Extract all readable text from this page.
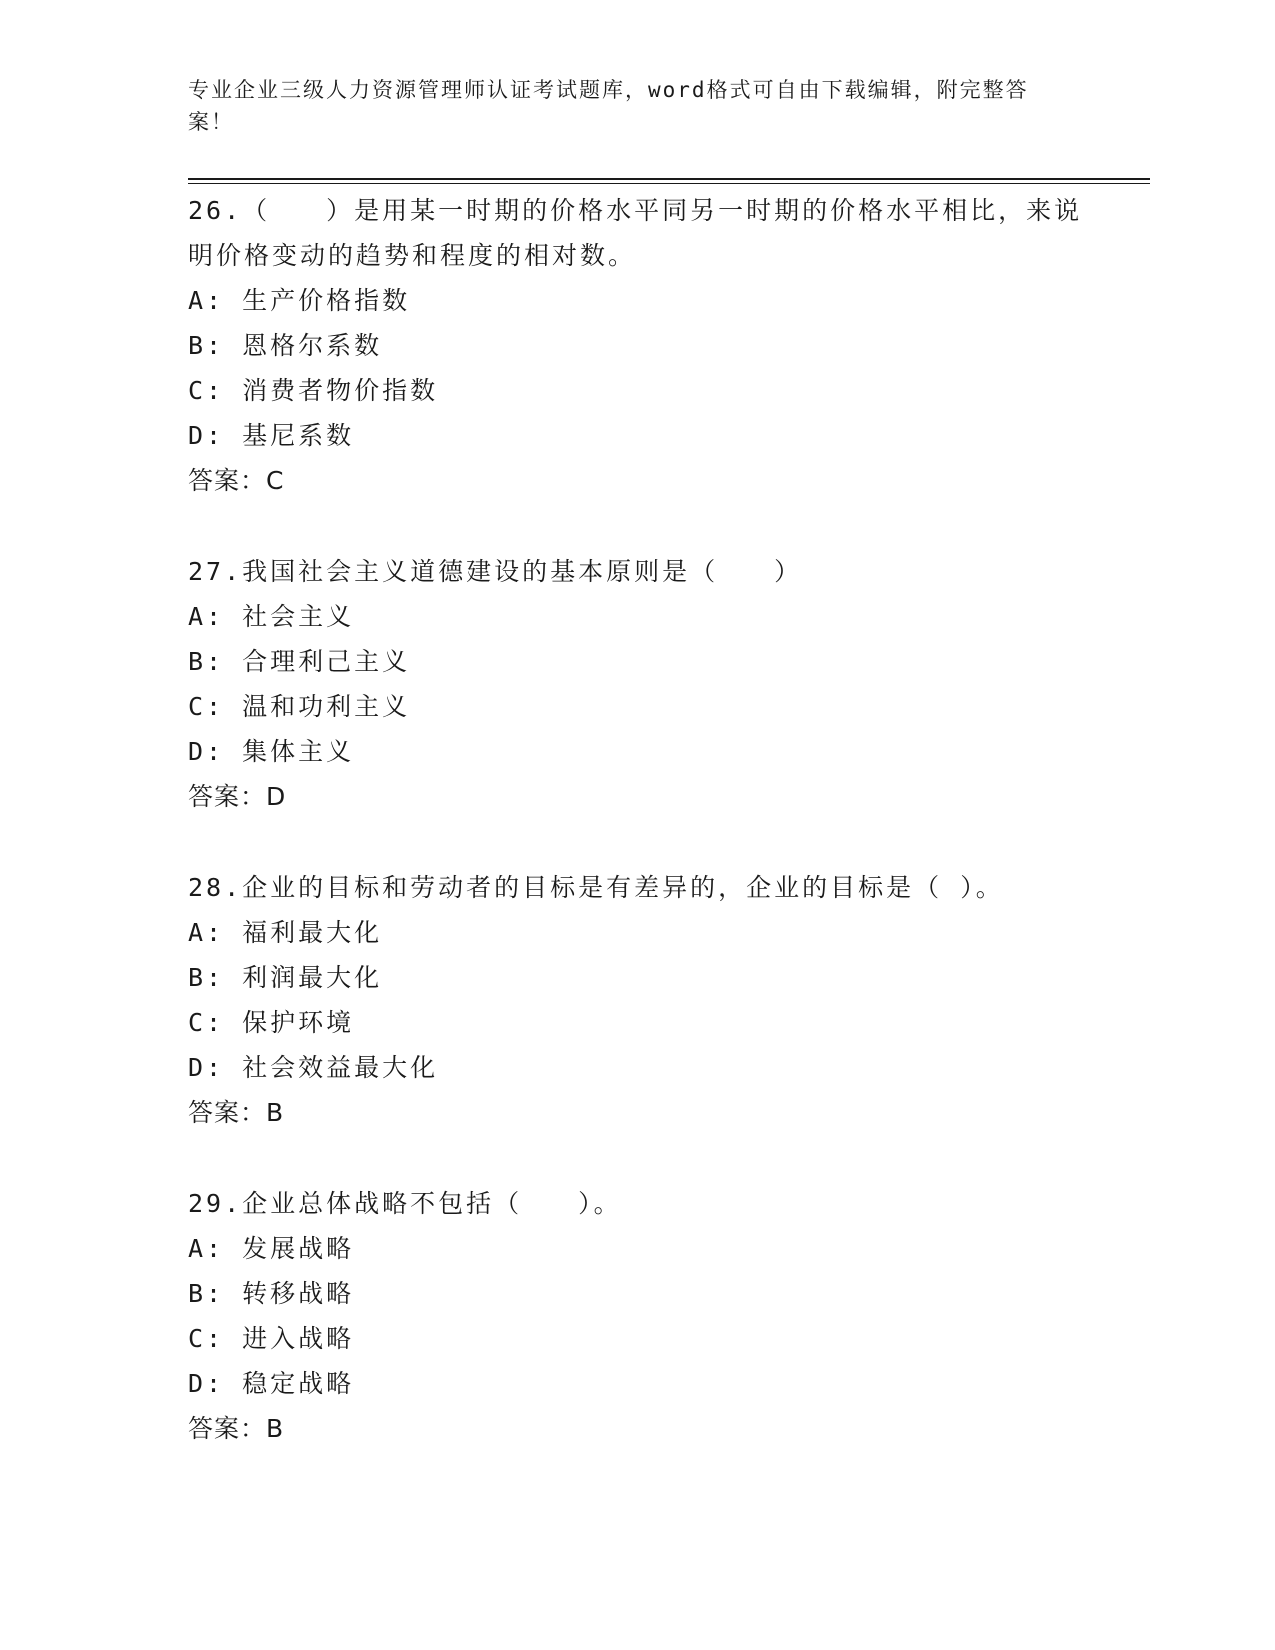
专业企业三级人力资源管理师认证考试题库，word格式可自由下载编辑，附完整答案！
26.（　　）是用某一时期的价格水平同另一时期的价格水平相比，来说明价格变动的趋势和程度的相对数。
A: 生产价格指数
B: 恩格尔系数
C: 消费者物价指数
D: 基尼系数
答案：C
27.我国社会主义道德建设的基本原则是（　　）
A: 社会主义
B: 合理利己主义
C: 温和功利主义
D: 集体主义
答案：D
28.企业的目标和劳动者的目标是有差异的，企业的目标是（ ）。
A: 福利最大化
B: 利润最大化
C: 保护环境
D: 社会效益最大化
答案：B
29.企业总体战略不包括（　　）。
A: 发展战略
B: 转移战略
C: 进入战略
D: 稳定战略
答案：B
